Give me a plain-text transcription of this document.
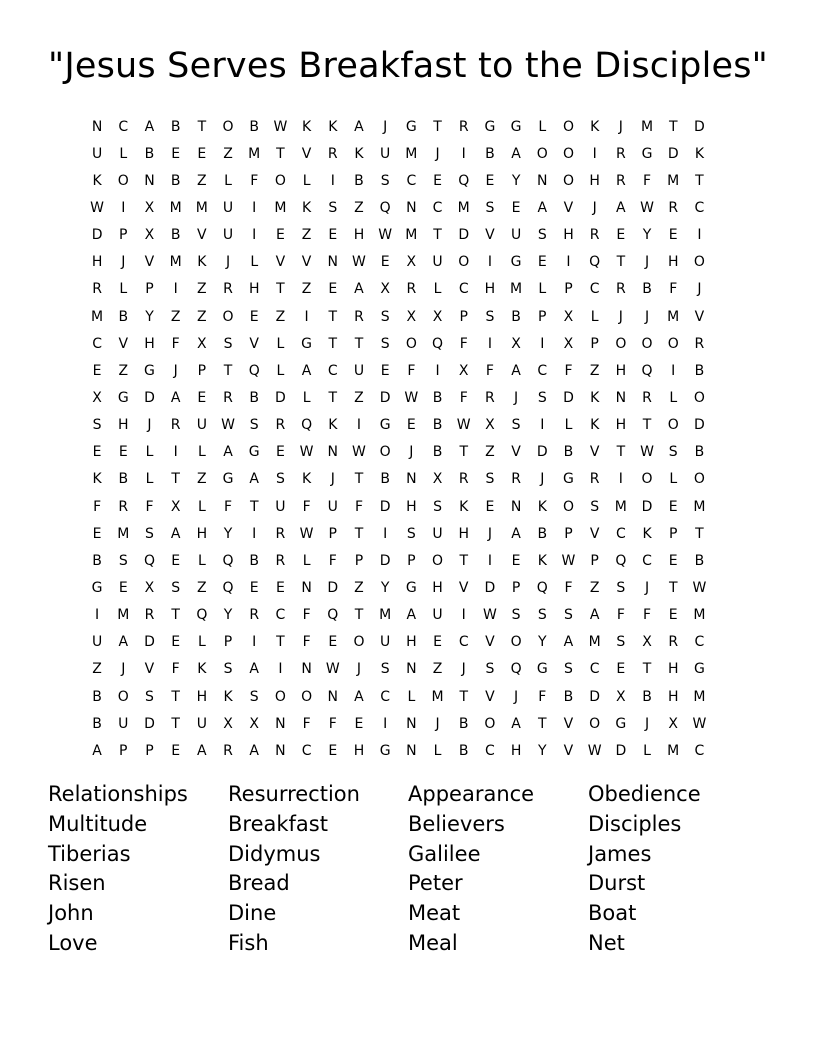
"Jesus Serves Breakfast to the Disciples"
N	C	A	B	T	O	B	W	K	K	A	J	G	T	R	G	G	L	O	K	J	M	T	D
U	L	B	E	E	Z	M	T	V	R	K	U	M	J	I	B	A	O	O	I	R	G	D	K
K	O	N	B	Z	L	F	O	L	I	B	S	C	E	Q	E	Y	N	O	H	R	F	M	T
W	I	X	M	M	U	I	M	K	S	Z	Q	N	C	M	S	E	A	V	J	A	W	R	C
D	P	X	B	V	U	I	E	Z	E	H	W M	T	D	V	U	S	H	R	E	Y	E	I
H	J	V	M	K	J	L	V	V	N	W	E	X	U	O	I	G	E	I	Q	T	J	H	O
R	L	P	I	Z	R	H	T	Z	E	A	X	R	L	C	H	M	L	P	C	R	B	F	J
M	B	Y	Z	Z	O	E	Z	I	T	R	S	X	X	P	S	B	P	X	L	J	J	M	V
C	V	H	F	X	S	V	L	G	T	T	S	O	Q	F	I	X	I	X	P	O	O	O	R
E	Z	G	J	P	T	Q	L	A	C	U	E	F	I	X	F	A	C	F	Z	H	Q	I	B
X	G	D	A	E	R	B	D	L	T	Z	D W	B	F	R	J	S	D	K	N	R	L	O
S	H	J	R	U	W	S	R	Q	K	I	G	E	B	W	X	S	I	L	K	H	T	O	D
E	E	L	I	L	A	G	E	W	N	W O	J	B	T	Z	V	D	B	V	T	W	S	B
K	B	L	T	Z	G	A	S	K	J	T	B	N	X	R	S	R	J	G	R	I	O	L	O
F	R	F	X	L	F	T	U	F	U	F	D	H	S	K	E	N	K	O	S	M	D	E	M
E	M	S	A	H	Y	I	R	W	P	T	I	S	U	H	J	A	B	P	V	C	K	P	T
B	S	Q	E	L	Q	B	R	L	F	P	D	P	O	T	I	E	K	W	P	Q	C	E	B
G	E	X	S	Z	Q	E	E	N	D	Z	Y	G	H	V	D	P	Q	F	Z	S	J	T	W
I	M	R	T	Q	Y	R	C	F	Q	T	M	A	U	I	W	S	S	S	A	F	F	E	M
U	A	D	E	L	P	I	T	F	E	O	U	H	E	C	V	O	Y	A	M	S	X	R	C
Z	J	V	F	K	S	A	I	N	W	J	S	N	Z	J	S	Q	G	S	C	E	T	H	G
B	O	S	T	H	K	S	O	O	N	A	C	L	M	T	V	J	F	B	D	X	B	H	M
B	U	D	T	U	X	X	N	F	F	E	I	N	J	B	O	A	T	V	O	G	J	X	W
A	P	P	E	A	R	A	N	C	E	H	G	N	L	B	C	H	Y	V	W D	L	M	C
Relationships	Resurrection	Appearance	Obedience
Multitude	Breakfast	Believers	Disciples
Tiberias	Didymus	Galilee	James
Risen	Bread	Peter	Durst
John	Dine	Meat	Boat
Love	Fish	Meal	Net
